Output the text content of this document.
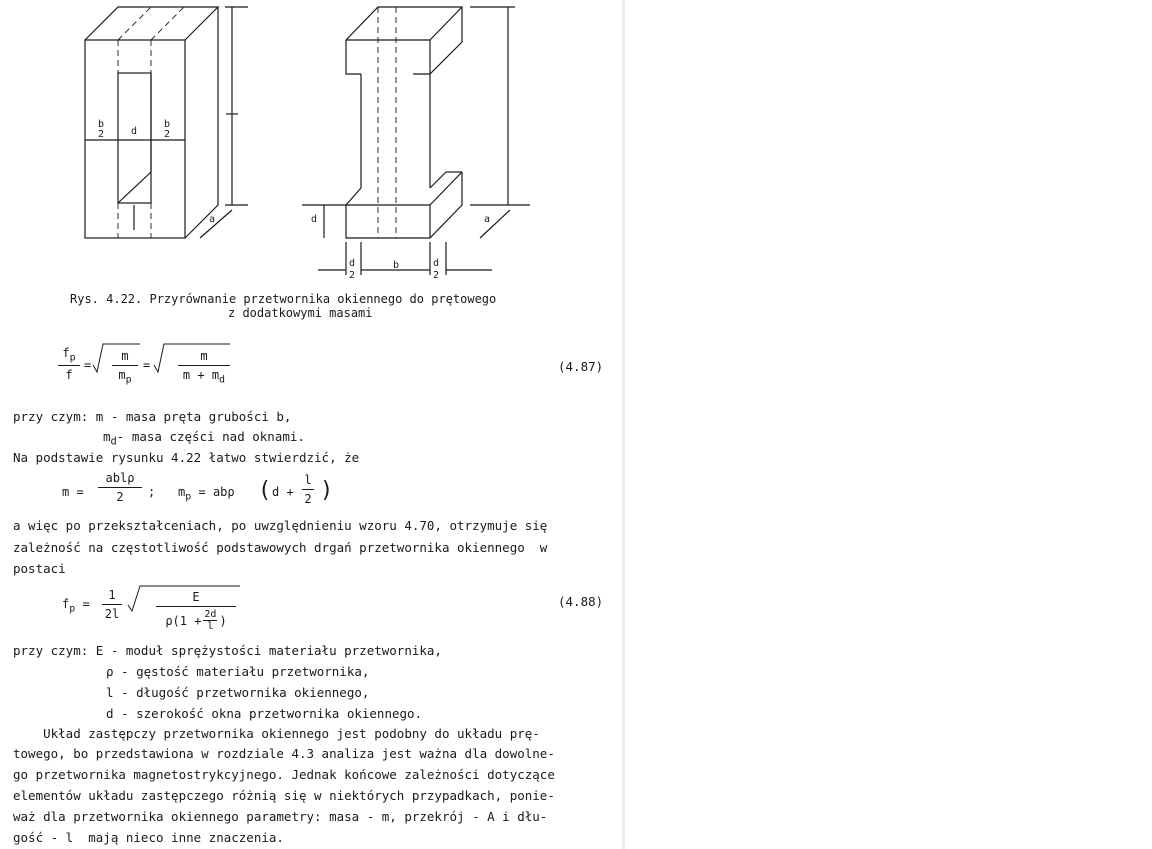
b
2	d
b
2
a
d
2
b	d
2
d	a
Rys. 4.22. Przyrównanie przetwornika okiennego do prętowego
z dodatkowymi masami
$f_p$
f
=
m
$m_p$
=
m
$m + m_d$
(4.87)
przy czym: m - masa pręta grubości b,
$m_d-$ masa części nad oknami.
Na podstawie rysunku 4.22 łatwo stwierdzić, że
m =
ablρ
2 ; $m_p = ab\rho$ ( d +
l
2 )
a więc po przekształceniach, po uwzględnieniu wzoru 4.70, otrzymuje się
zależność na częstotliwość podstawowych drgań przetwornika okiennego  w
postaci
$f_p$ =
1
2l
E
ρ(1 + 2d
l )
(4.88)
przy czym: E - moduł sprężystości materiału przetwornika,
ρ - gęstość materiału przetwornika,
l - długość przetwornika okiennego,
d - szerokość okna przetwornika okiennego.
Układ zastępczy przetwornika okiennego jest podobny do układu prę-
towego, bo przedstawiona w rozdziale 4.3 analiza jest ważna dla dowolne-
go przetwornika magnetostrykcyjnego. Jednak końcowe zależności dotyczące
elementów układu zastępczego różnią się w niektórych przypadkach, ponie-
waż dla przetwornika okiennego parametry: masa - m, przekrój - A i dłu-
gość - l  mają nieco inne znaczenia.
